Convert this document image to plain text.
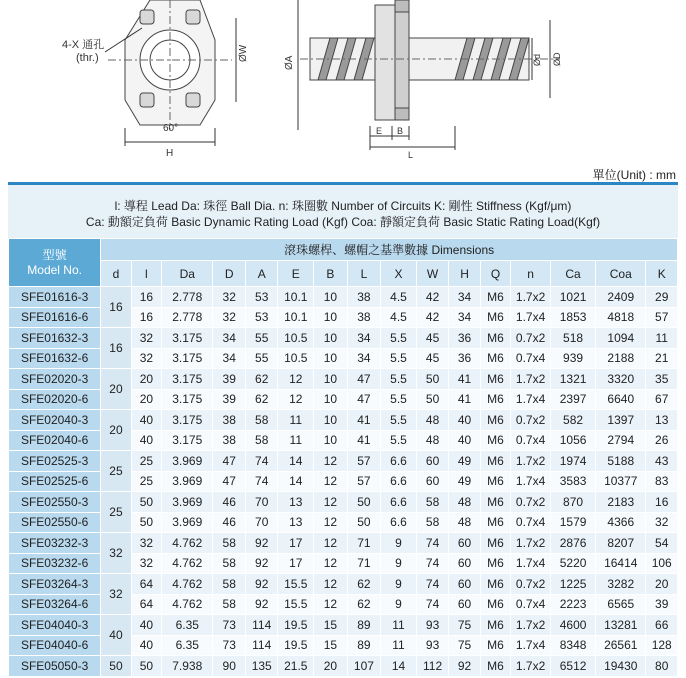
4-X 通孔
(thr.)
60°
H
ØW
ØA
E B
L
Ød ØD
單位(Unit) : mm
l: 導程 Lead Da: 珠徑 Ball Dia. n: 珠圈數 Number of Circuits K: 剛性 Stiffness (Kgf/μm)
Ca: 動額定負荷 Basic Dynamic Rating Load (Kgf) Coa: 靜額定負荷 Basic Static Rating Load(Kgf)
型號
Model No.	滾珠螺桿、螺帽之基準數據 Dimensions															
	d	l	Da	D	A	E	B	L	X	W	H	Q	n	Ca	Coa	K
SFE01616-3	16	16	2.778	32	53	10.1	10	38	4.5	42	34	M6	1.7x2	1021	2409	29
SFE01616-6		16	2.778	32	53	10.1	10	38	4.5	42	34	M6	1.7x4	1853	4818	57
SFE01632-3	16	32	3.175	34	55	10.5	10	34	5.5	45	36	M6	0.7x2	518	1094	11
SFE01632-6		32	3.175	34	55	10.5	10	34	5.5	45	36	M6	0.7x4	939	2188	21
SFE02020-3	20	20	3.175	39	62	12	10	47	5.5	50	41	M6	1.7x2	1321	3320	35
SFE02020-6		20	3.175	39	62	12	10	47	5.5	50	41	M6	1.7x4	2397	6640	67
SFE02040-3	20	40	3.175	38	58	11	10	41	5.5	48	40	M6	0.7x2	582	1397	13
SFE02040-6		40	3.175	38	58	11	10	41	5.5	48	40	M6	0.7x4	1056	2794	26
SFE02525-3	25	25	3.969	47	74	14	12	57	6.6	60	49	M6	1.7x2	1974	5188	43
SFE02525-6		25	3.969	47	74	14	12	57	6.6	60	49	M6	1.7x4	3583	10377	83
SFE02550-3	25	50	3.969	46	70	13	12	50	6.6	58	48	M6	0.7x2	870	2183	16
SFE02550-6		50	3.969	46	70	13	12	50	6.6	58	48	M6	0.7x4	1579	4366	32
SFE03232-3	32	32	4.762	58	92	17	12	71	9	74	60	M6	1.7x2	2876	8207	54
SFE03232-6		32	4.762	58	92	17	12	71	9	74	60	M6	1.7x4	5220	16414	106
SFE03264-3	32	64	4.762	58	92	15.5	12	62	9	74	60	M6	0.7x2	1225	3282	20
SFE03264-6		64	4.762	58	92	15.5	12	62	9	74	60	M6	0.7x4	2223	6565	39
SFE04040-3	40	40	6.35	73	114	19.5	15	89	11	93	75	M6	1.7x2	4600	13281	66
SFE04040-6		40	6.35	73	114	19.5	15	89	11	93	75	M6	1.7x4	8348	26561	128
SFE05050-3	50	50	7.938	90	135	21.5	20	107	14	112	92	M6	1.7x2	6512	19430	80
